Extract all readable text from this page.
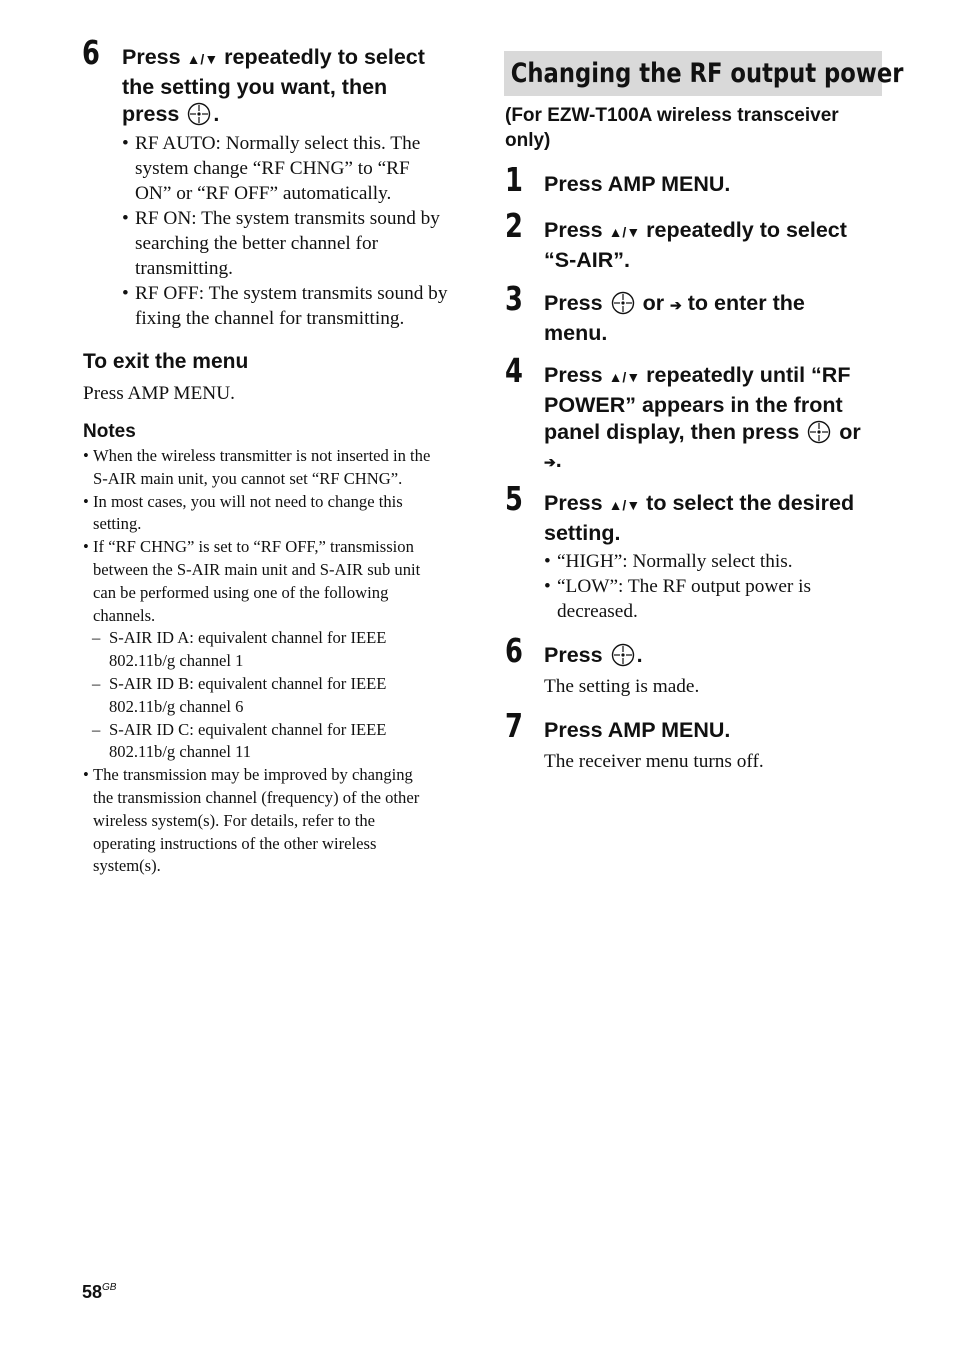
6 Press ▲/▼ repeatedly to select
the setting you want, then
press .
• RF AUTO: Normally select this. The
system change “RF CHNG” to “RF
ON” or “RF OFF” automatically.
• RF ON: The system transmits sound by
searching the better channel for
transmitting.
• RF OFF: The system transmits sound by
fixing the channel for transmitting.
To exit the menu
Press AMP MENU.
Notes
• When the wireless transmitter is not inserted in the
S-AIR main unit, you cannot set “RF CHNG”.
• In most cases, you will not need to change this
setting.
• If “RF CHNG” is set to “RF OFF,” transmission
between the S-AIR main unit and S-AIR sub unit
can be performed using one of the following
channels.
– S-AIR ID A: equivalent channel for IEEE
802.11b/g channel 1
– S-AIR ID B: equivalent channel for IEEE
802.11b/g channel 6
– S-AIR ID C: equivalent channel for IEEE
802.11b/g channel 11
• The transmission may be improved by changing
the transmission channel (frequency) of the other
wireless system(s). For details, refer to the
operating instructions of the other wireless
system(s).
Changing the RF output power
(For EZW-T100A wireless transceiver
only)
1 Press AMP MENU.
2 Press ▲/▼ repeatedly to select
“S-AIR”.
3 Press or ➔ to enter the
menu.
4 Press ▲/▼ repeatedly until “RF
POWER” appears in the front
panel display, then press or
➔.
5 Press ▲/▼ to select the desired
setting.
• “HIGH”: Normally select this.
• “LOW”: The RF output power is
decreased.
6 Press .
The setting is made.
7 Press AMP MENU.
The receiver menu turns off.
$58^{GB}$
